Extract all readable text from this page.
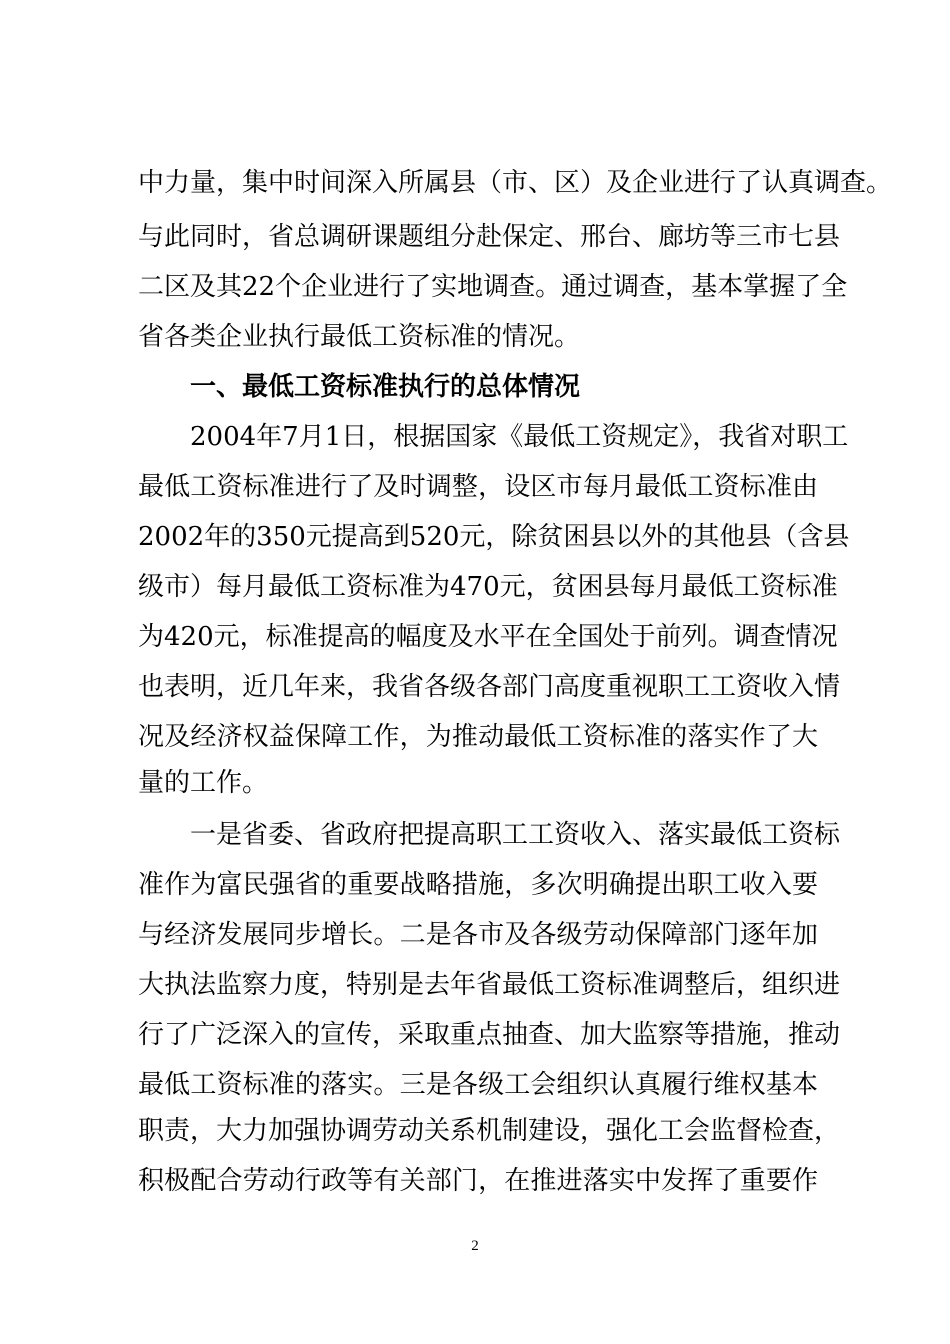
中力量，集中时间深入所属县（市、区）及企业进行了认真调查。
与此同时，省总调研课题组分赴保定、邢台、廊坊等三市七县
二区及其22个企业进行了实地调查。通过调查，基本掌握了全
省各类企业执行最低工资标准的情况。
一、最低工资标准执行的总体情况
2004年7月1日，根据国家《最低工资规定》，我省对职工
最低工资标准进行了及时调整，设区市每月最低工资标准由
2002年的350元提高到520元，除贫困县以外的其他县（含县
级市）每月最低工资标准为470元，贫困县每月最低工资标准
为420元，标准提高的幅度及水平在全国处于前列。调查情况
也表明，近几年来，我省各级各部门高度重视职工工资收入情
况及经济权益保障工作，为推动最低工资标准的落实作了大
量的工作。
一是省委、省政府把提高职工工资收入、落实最低工资标
准作为富民强省的重要战略措施，多次明确提出职工收入要
与经济发展同步增长。二是各市及各级劳动保障部门逐年加
大执法监察力度，特别是去年省最低工资标准调整后，组织进
行了广泛深入的宣传，采取重点抽查、加大监察等措施，推动
最低工资标准的落实。三是各级工会组织认真履行维权基本
职责，大力加强协调劳动关系机制建设，强化工会监督检查，
积极配合劳动行政等有关部门，在推进落实中发挥了重要作
2
